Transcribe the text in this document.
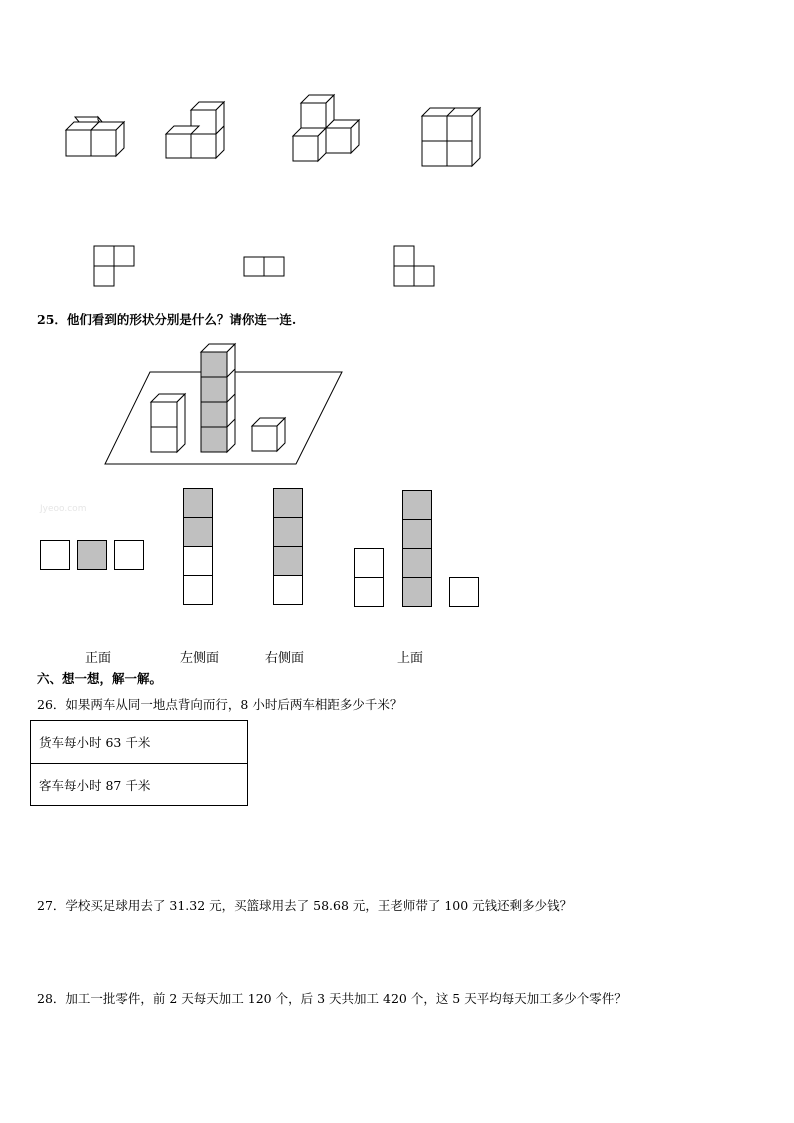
25．他们看到的形状分别是什么？请你连一连.
Jyeoo.com
正面	左侧面	右侧面	上面
六、想一想，解一解。
26．如果两车从同一地点背向而行，8 小时后两车相距多少千米？
货车每小时 63 千米
客车每小时 87 千米
27．学校买足球用去了 31.32 元，买篮球用去了 58.68 元，王老师带了 100 元钱还剩多少钱？
28．加工一批零件，前 2 天每天加工 120 个，后 3 天共加工 420 个，这 5 天平均每天加工多少个零件？
